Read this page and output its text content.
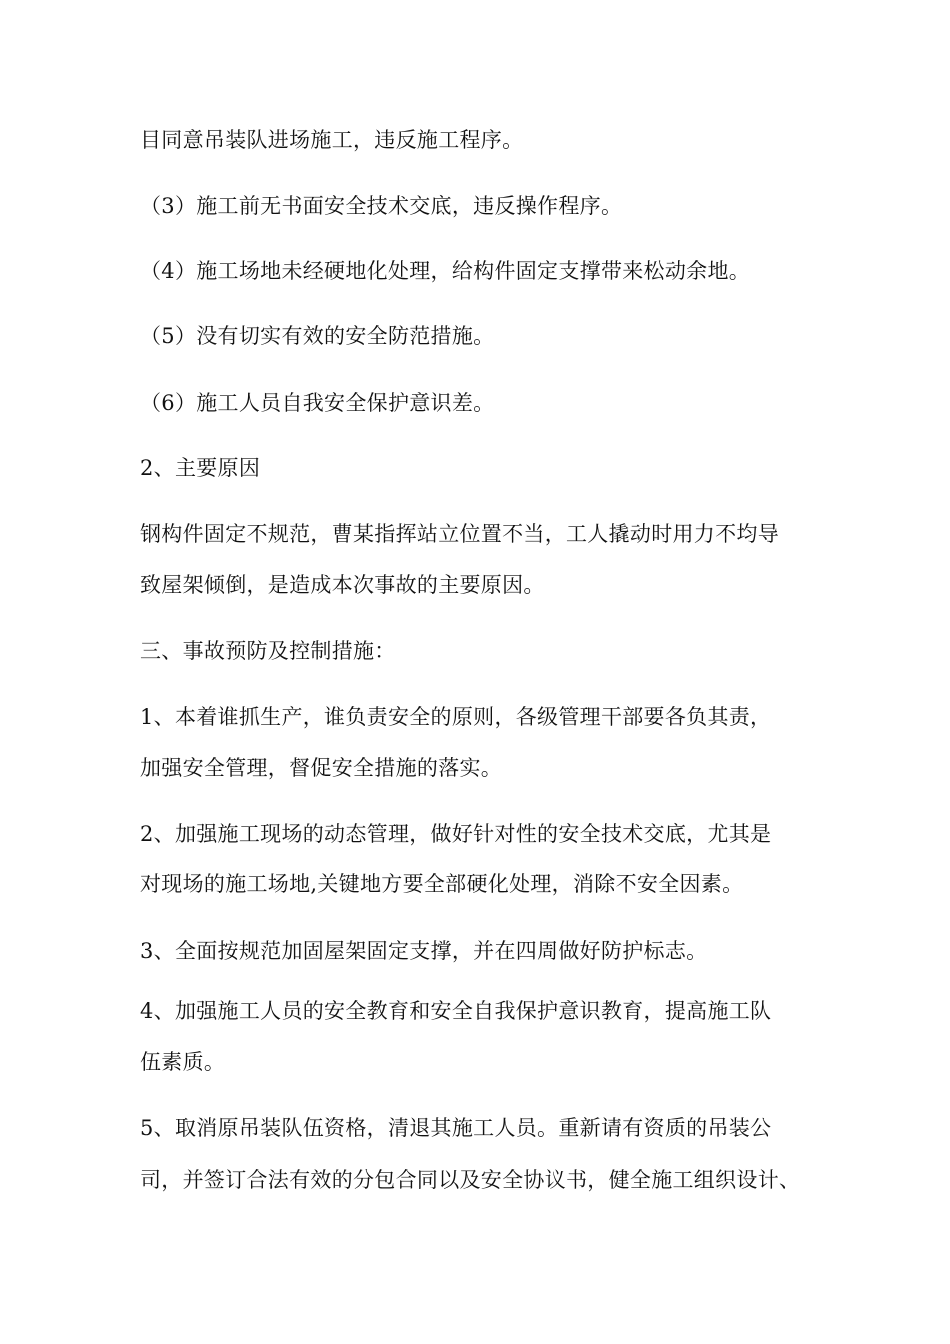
目同意吊装队进场施工，违反施工程序。
（3）施工前无书面安全技术交底，违反操作程序。
（4）施工场地未经硬地化处理，给构件固定支撑带来松动余地。
（5）没有切实有效的安全防范措施。
（6）施工人员自我安全保护意识差。
2、主要原因
钢构件固定不规范，曹某指挥站立位置不当，工人撬动时用力不均导
致屋架倾倒，是造成本次事故的主要原因。
三、事故预防及控制措施：
1、本着谁抓生产，谁负责安全的原则，各级管理干部要各负其责，
加强安全管理，督促安全措施的落实。
2、加强施工现场的动态管理，做好针对性的安全技术交底，尤其是
对现场的施工场地,关键地方要全部硬化处理，消除不安全因素。
3、全面按规范加固屋架固定支撑，并在四周做好防护标志。
4、加强施工人员的安全教育和安全自我保护意识教育，提高施工队
伍素质。
5、取消原吊装队伍资格，清退其施工人员。重新请有资质的吊装公
司，并签订合法有效的分包合同以及安全协议书，健全施工组织设计、
